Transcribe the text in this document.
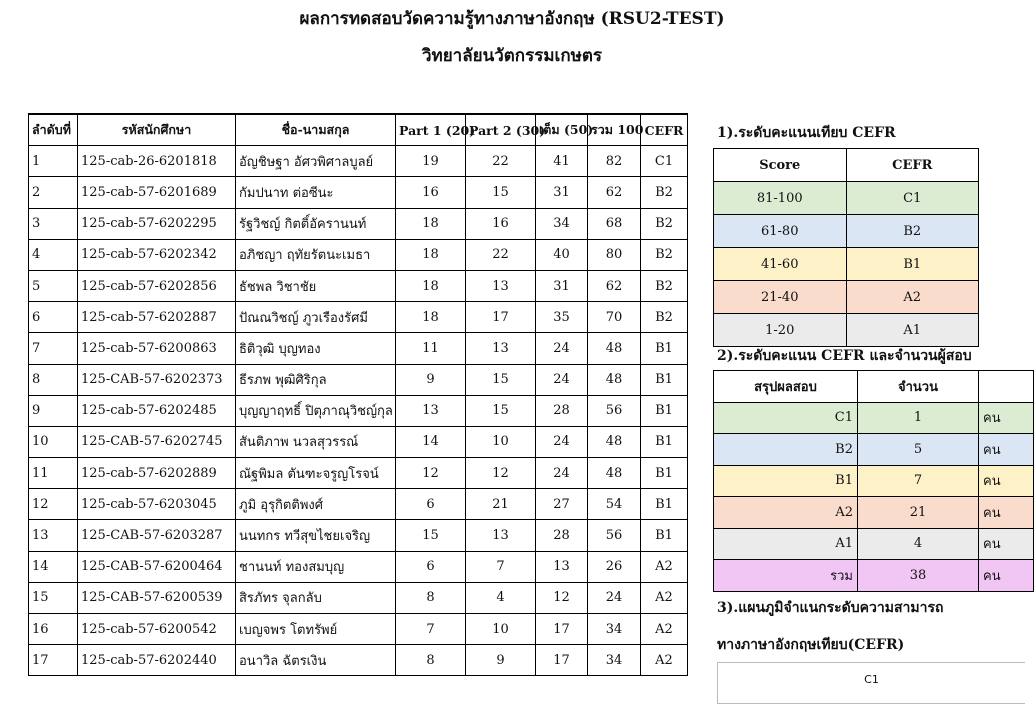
ผลการทดสอบวัดความรู้ทางภาษาอังกฤษ (RSU2-TEST)
วิทยาลัยนวัตกรรมเกษตร
ลำดับที่	รหัสนักศึกษา	ชื่อ-นามสกุล	Part 1 (20)	Part 2 (30)	เต็ม (50)	รวม 100	CEFR
1	125-cab-26-6201818	อัญชิษฐา อัศวพิศาลบูลย์	19	22	41	82	C1
2	125-cab-57-6201689	กัมปนาท ต่อซีนะ	16	15	31	62	B2
3	125-cab-57-6202295	รัฐวิชญ์ กิตติ์อัครานนท์	18	16	34	68	B2
4	125-cab-57-6202342	อภิชญา ฤทัยรัตนะเมธา	18	22	40	80	B2
5	125-cab-57-6202856	ธัชพล วิชาชัย	18	13	31	62	B2
6	125-cab-57-6202887	ปัณณวิชญ์ ภูวเรืองรัศมี	18	17	35	70	B2
7	125-cab-57-6200863	ธิติวุฒิ บุญทอง	11	13	24	48	B1
8	125-CAB-57-6202373	ธีรภพ พุฒิศิริกุล	9	15	24	48	B1
9	125-cab-57-6202485	บุญญาฤทธิ์ ปิตุภาณุวิชญ์กุล	13	15	28	56	B1
10	125-CAB-57-6202745	สันติภาพ นวลสุวรรณ์	14	10	24	48	B1
11	125-cab-57-6202889	ณัฐพิมล ตันฑะจรูญโรจน์	12	12	24	48	B1
12	125-cab-57-6203045	ภูมิ อุรุกิตติพงศ์	6	21	27	54	B1
13	125-CAB-57-6203287	นนทกร ทวีสุขไชยเจริญ	15	13	28	56	B1
14	125-CAB-57-6200464	ชานนท์ ทองสมบุญ	6	7	13	26	A2
15	125-CAB-57-6200539	สิรภัทร จุลกลับ	8	4	12	24	A2
16	125-cab-57-6200542	เบญจพร โตทรัพย์	7	10	17	34	A2
17	125-cab-57-6202440	อนาวิล ฉัตรเงิน	8	9	17	34	A2
1).ระดับคะแนนเทียบ CEFR
Score	CEFR
81-100	C1
61-80	B2
41-60	B1
21-40	A2
1-20	A1
2).ระดับคะแนน CEFR และจำนวนผู้สอบ
สรุปผลสอบ	จำนวน	
C1	1	คน
B2	5	คน
B1	7	คน
A2	21	คน
A1	4	คน
รวม	38	คน
3).แผนภูมิจำแนกระดับความสามารถ
ทางภาษาอังกฤษเทียบ(CEFR)
C1
